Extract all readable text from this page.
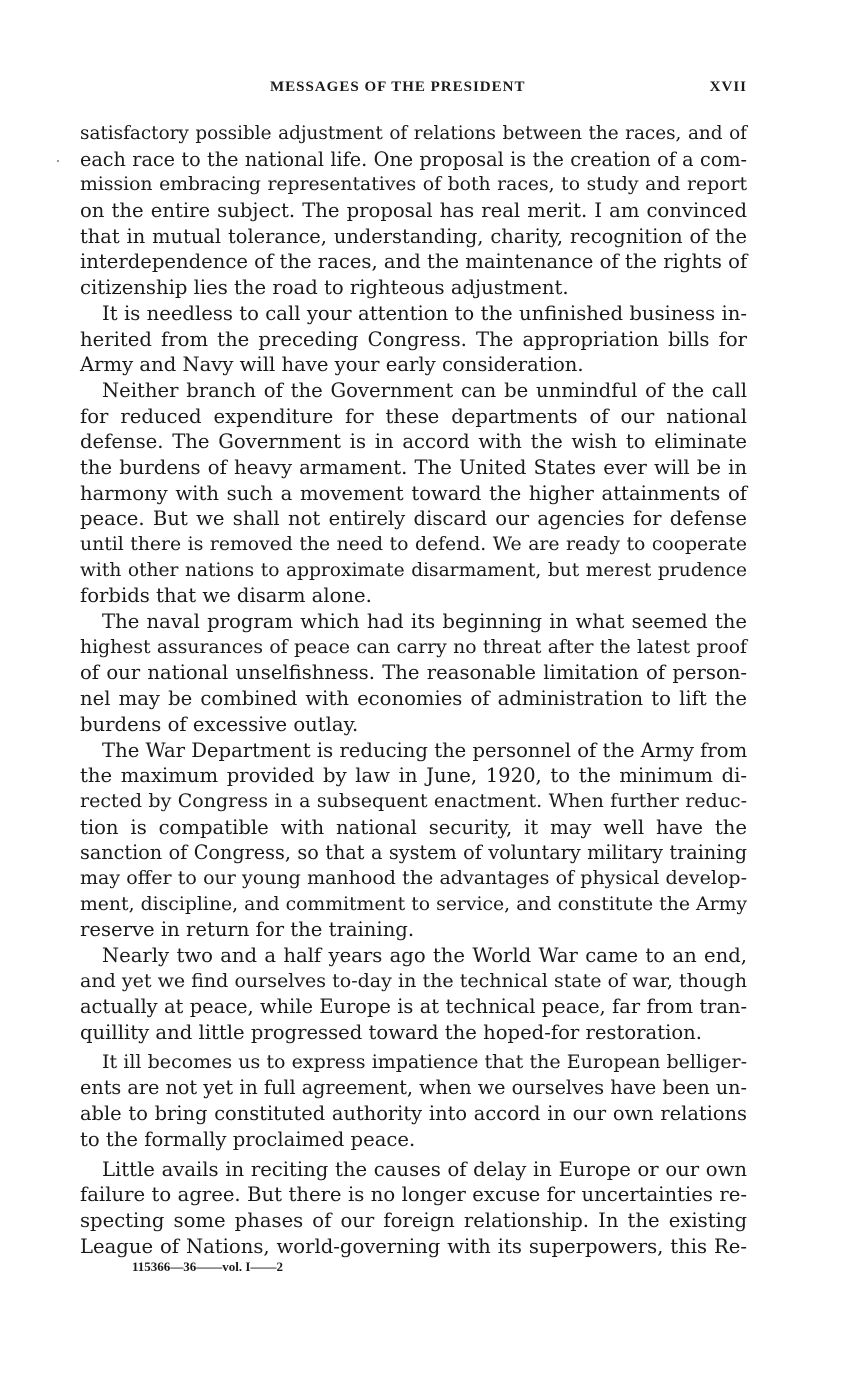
MESSAGES OF THE PRESIDENT	XVII
satisfactory possible adjustment of relations between the races, and of
each race to the national life. One proposal is the creation of a com-
mission embracing representatives of both races, to study and report
on the entire subject. The proposal has real merit. I am convinced
that in mutual tolerance, understanding, charity, recognition of the
interdependence of the races, and the maintenance of the rights of
citizenship lies the road to righteous adjustment.
It is needless to call your attention to the unfinished business in-
herited from the preceding Congress. The appropriation bills for
Army and Navy will have your early consideration.
Neither branch of the Government can be unmindful of the call
for reduced expenditure for these departments of our national
defense. The Government is in accord with the wish to eliminate
the burdens of heavy armament. The United States ever will be in
harmony with such a movement toward the higher attainments of
peace. But we shall not entirely discard our agencies for defense
until there is removed the need to defend. We are ready to cooperate
with other nations to approximate disarmament, but merest prudence
forbids that we disarm alone.
The naval program which had its beginning in what seemed the
highest assurances of peace can carry no threat after the latest proof
of our national unselfishness. The reasonable limitation of person-
nel may be combined with economies of administration to lift the
burdens of excessive outlay.
The War Department is reducing the personnel of the Army from
the maximum provided by law in June, 1920, to the minimum di-
rected by Congress in a subsequent enactment. When further reduc-
tion is compatible with national security, it may well have the
sanction of Congress, so that a system of voluntary military training
may offer to our young manhood the advantages of physical develop-
ment, discipline, and commitment to service, and constitute the Army
reserve in return for the training.
Nearly two and a half years ago the World War came to an end,
and yet we find ourselves to-day in the technical state of war, though
actually at peace, while Europe is at technical peace, far from tran-
quillity and little progressed toward the hoped-for restoration.
It ill becomes us to express impatience that the European belliger-
ents are not yet in full agreement, when we ourselves have been un-
able to bring constituted authority into accord in our own relations
to the formally proclaimed peace.
Little avails in reciting the causes of delay in Europe or our own
failure to agree. But there is no longer excuse for uncertainties re-
specting some phases of our foreign relationship. In the existing
League of Nations, world-governing with its superpowers, this Re-
115366—36——vol. I——2
